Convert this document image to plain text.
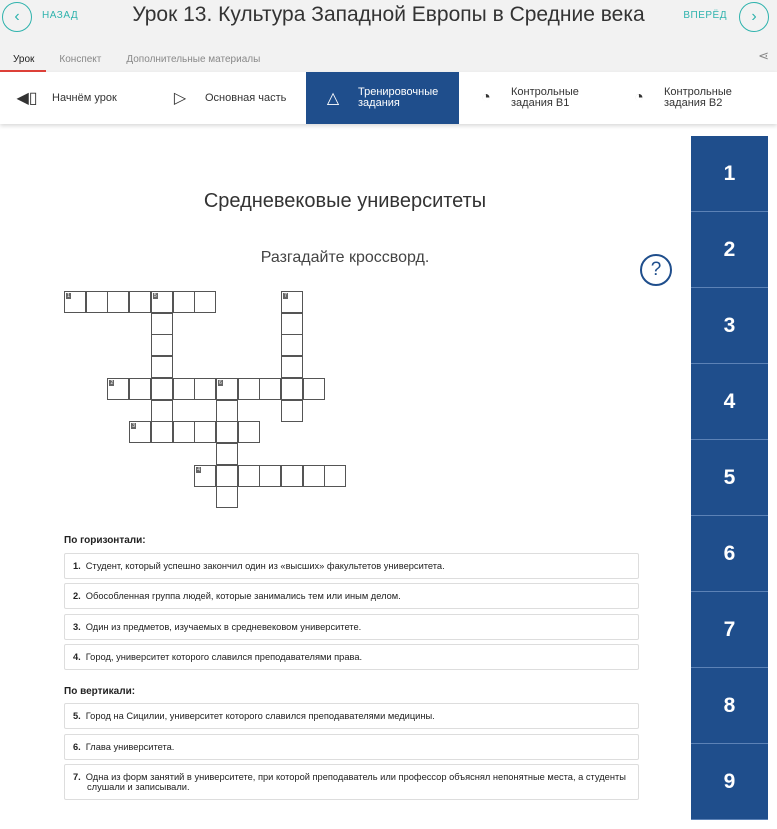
‹	НАЗАД	Урок 13. Культура Западной Европы в Средние века	ВПЕРЁД	›
⋖
Урок	Конспект	Дополнительные материалы
◀▯	Начнём урок	▷	Основная часть	△	Тренировочные задания	◔	Контрольные задания B1	◔	Контрольные задания B2
1
2
3
4
5
6
7
8
9
Средневековые университеты
Разгадайте кроссворд.
?
1	5	7
2	6
3
4
По горизонтали:
1. Студент, который успешно закончил один из «высших» факультетов университета.
2. Обособленная группа людей, которые занимались тем или иным делом.
3. Один из предметов, изучаемых в средневековом университете.
4. Город, университет которого славился преподавателями права.
По вертикали:
5. Город на Сицилии, университет которого славился преподавателями медицины.
6. Глава университета.
7. Одна из форм занятий в университете, при которой преподаватель или профессор объяснял непонятные места, а студенты слушали и записывали.
